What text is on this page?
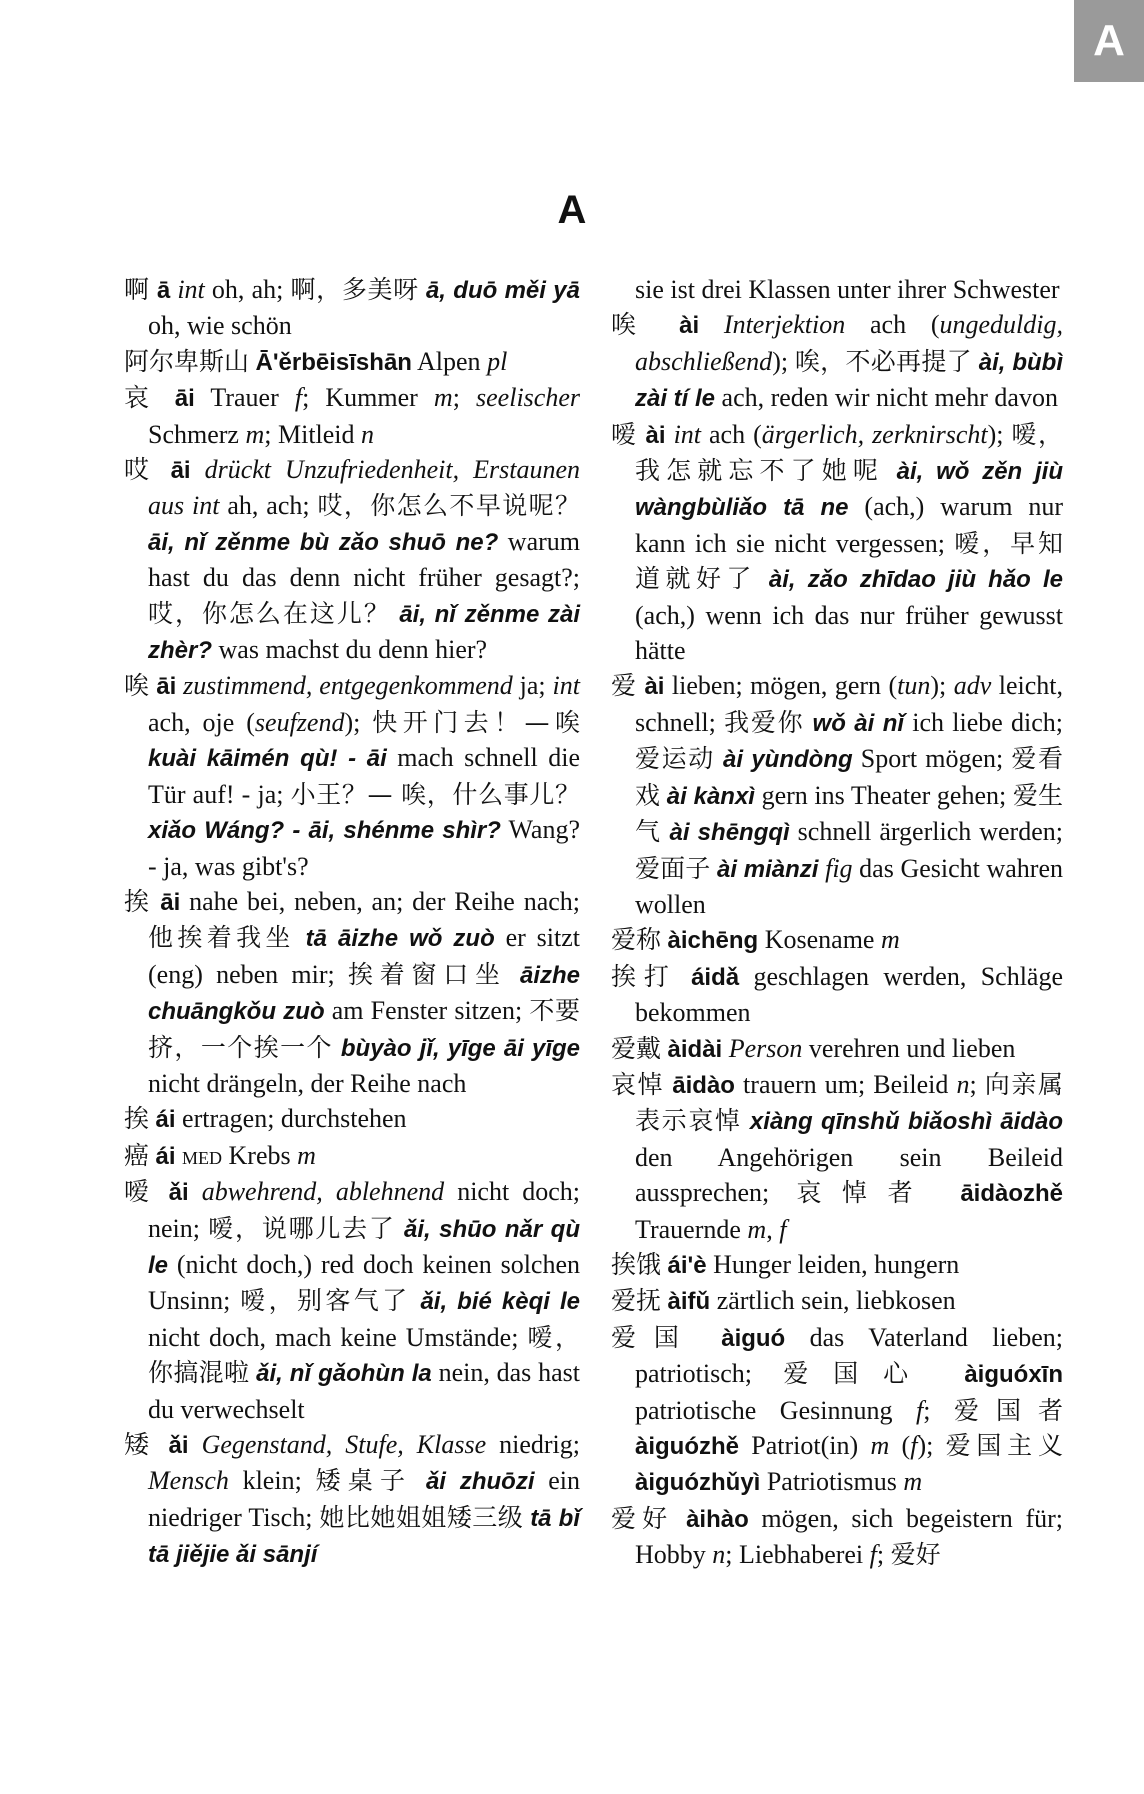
A
A
啊 ā int oh, ah; 啊，多美呀 ā, duō měi yā oh, wie schön
阿尔卑斯山 Ā'ěrbēisīshān Alpen pl
哀 āi Trauer f; Kummer m; seelischer Schmerz m; Mitleid n
哎 āi drückt Unzufriedenheit, Erstaunen aus int ah, ach; 哎，你怎么不早说呢？ āi, nǐ zěnme bù zǎo shuō ne? warum hast du das denn nicht früher gesagt?; 哎，你怎么在这儿？ āi, nǐ zěnme zài zhèr? was machst du denn hier?
唉 āi zustimmend, entgegenkommend ja; int ach, oje (seufzend); 快开门去！—唉 kuài kāimén qù! - āi mach schnell die Tür auf! - ja; 小王？— 唉，什么事儿？ xiǎo Wáng? - āi, shénme shìr? Wang? - ja, was gibt's?
挨 āi nahe bei, neben, an; der Reihe nach; 他挨着我坐 tā āizhe wǒ zuò er sitzt (eng) neben mir; 挨着窗口坐 āizhe chuāngkǒu zuò am Fenster sitzen; 不要挤，一个挨一个 bùyào jǐ, yīge āi yīge nicht drängeln, der Reihe nach
挨 ái ertragen; durchstehen
癌 ái med Krebs m
嗳 ǎi abwehrend, ablehnend nicht doch; nein; 嗳，说哪儿去了 ǎi, shūo nǎr qù le (nicht doch,) red doch keinen solchen Unsinn; 嗳，别客气了 ǎi, bié kèqi le nicht doch, mach keine Umstände; 嗳，你搞混啦 ǎi, nǐ gǎohùn la nein, das hast du verwechselt
矮 ǎi Gegenstand, Stufe, Klasse niedrig; Mensch klein; 矮桌子 ǎi zhuōzi ein niedriger Tisch; 她比她姐姐矮三级 tā bǐ tā jiějie ǎi sānjí
sie ist drei Klassen unter ihrer Schwester
唉 ài Interjektion ach (ungeduldig, abschließend); 唉，不必再提了 ài, bùbì zài tí le ach, reden wir nicht mehr davon
嗳 ài int ach (ärgerlich, zerknirscht); 嗳，我怎就忘不了她呢 ài, wǒ zěn jiù wàngbùliǎo tā ne (ach,) warum nur kann ich sie nicht vergessen; 嗳，早知道就好了 ài, zǎo zhīdao jiù hǎo le (ach,) wenn ich das nur früher gewusst hätte
爱 ài lieben; mögen, gern (tun); adv leicht, schnell; 我爱你 wǒ ài nǐ ich liebe dich; 爱运动 ài yùndòng Sport mögen; 爱看戏 ài kànxì gern ins Theater gehen; 爱生气 ài shēngqì schnell ärgerlich werden; 爱面子 ài miànzi fig das Gesicht wahren wollen
爱称 àichēng Kosename m
挨打 áidǎ geschlagen werden, Schläge bekommen
爱戴 àidài Person verehren und lieben
哀悼 āidào trauern um; Beileid n; 向亲属表示哀悼 xiàng qīnshǔ biǎoshì āidào den Angehörigen sein Beileid aussprechen; 哀悼者 āidàozhě Trauernde m, f
挨饿 ái'è Hunger leiden, hungern
爱抚 àifǔ zärtlich sein, liebkosen
爱国 àiguó das Vaterland lieben; patriotisch; 爱国心 àiguóxīn patriotische Gesinnung f; 爱国者 àiguózhě Patriot(in) m (f); 爱国主义 àiguózhǔyì Patriotismus m
爱好 àihào mögen, sich begeistern für; Hobby n; Liebhaberei f; 爱好
